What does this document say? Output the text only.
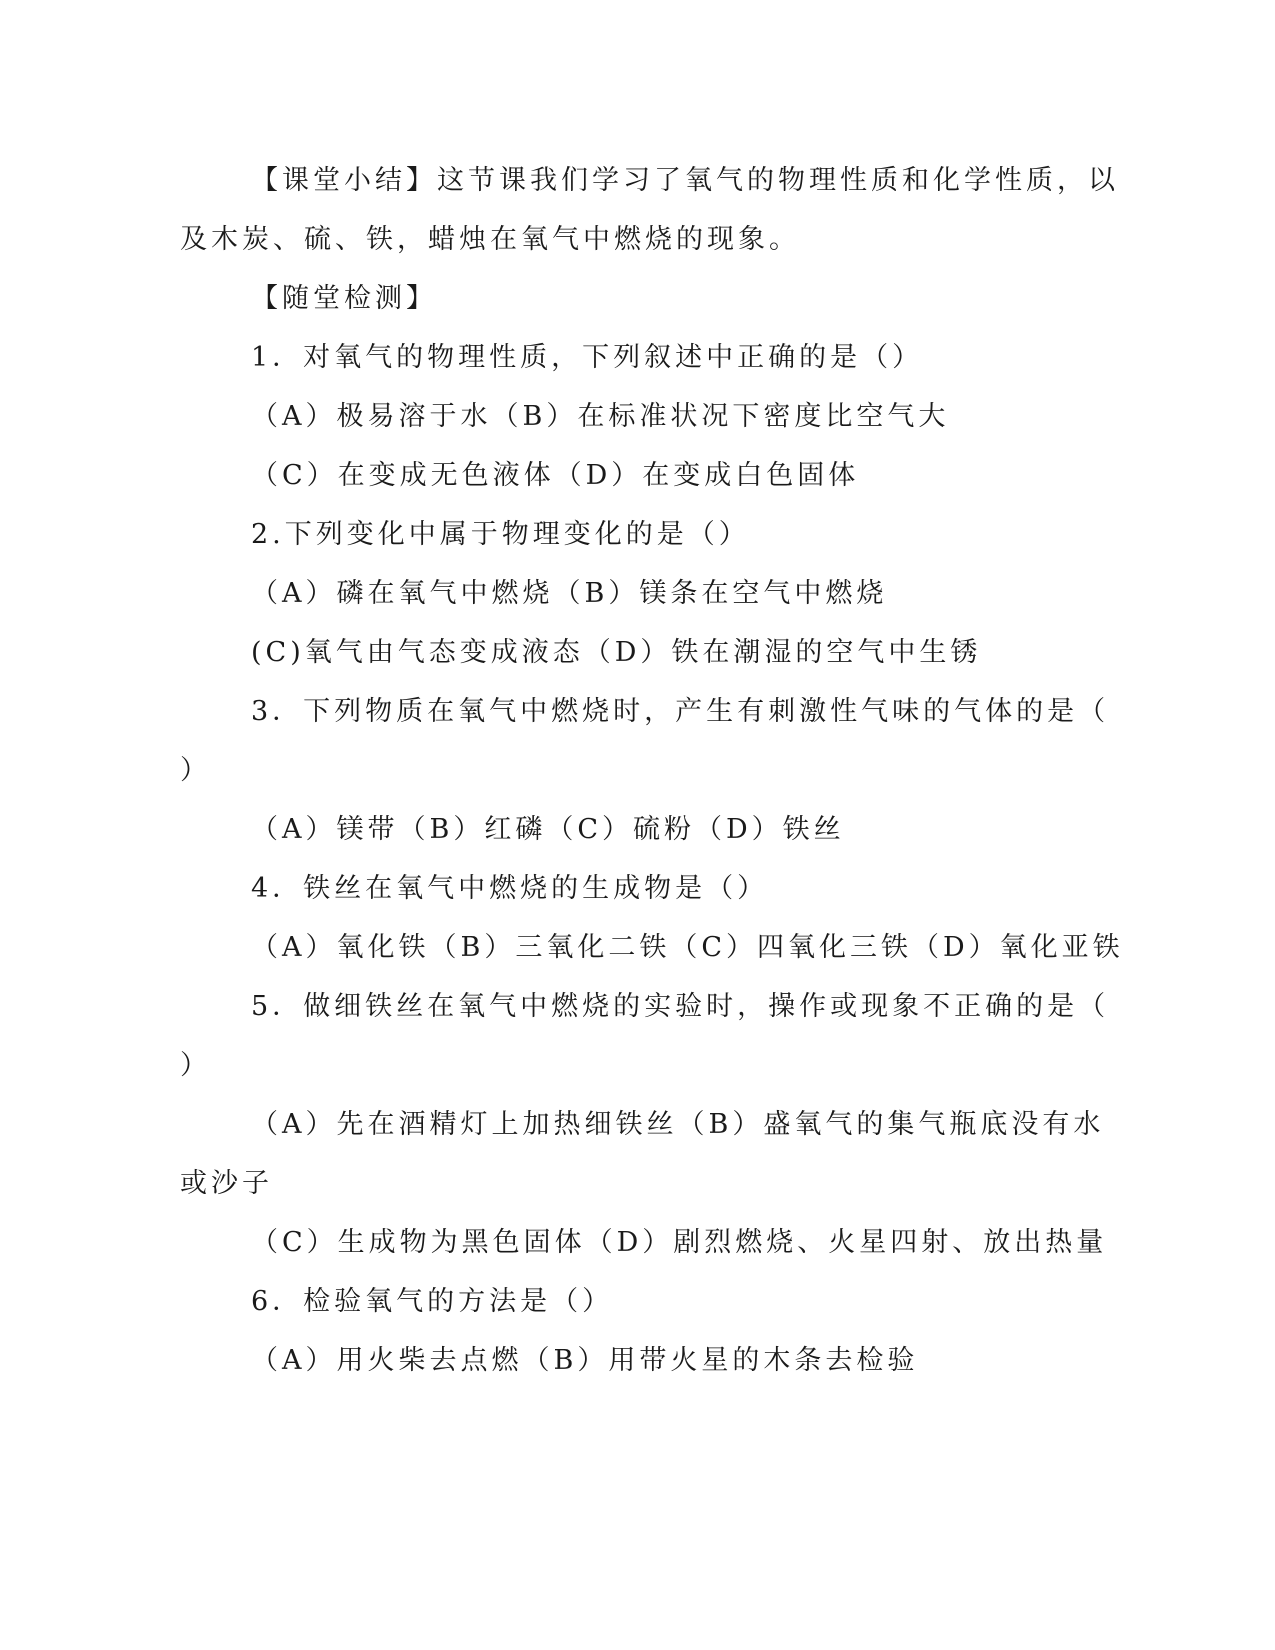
【课堂小结】这节课我们学习了氧气的物理性质和化学性质，以
及木炭、硫、铁，蜡烛在氧气中燃烧的现象。
【随堂检测】
1．对氧气的物理性质，下列叙述中正确的是（）
（A）极易溶于水（B）在标准状况下密度比空气大
（C）在变成无色液体（D）在变成白色固体
2.下列变化中属于物理变化的是（）
（A）磷在氧气中燃烧（B）镁条在空气中燃烧
(C)氧气由气态变成液态（D）铁在潮湿的空气中生锈
3．下列物质在氧气中燃烧时，产生有刺激性气味的气体的是（
）
（A）镁带（B）红磷（C）硫粉（D）铁丝
4．铁丝在氧气中燃烧的生成物是（）
（A）氧化铁（B）三氧化二铁（C）四氧化三铁（D）氧化亚铁
5．做细铁丝在氧气中燃烧的实验时，操作或现象不正确的是（
）
（A）先在酒精灯上加热细铁丝（B）盛氧气的集气瓶底没有水
或沙子
（C）生成物为黑色固体（D）剧烈燃烧、火星四射、放出热量
6．检验氧气的方法是（）
（A）用火柴去点燃（B）用带火星的木条去检验
